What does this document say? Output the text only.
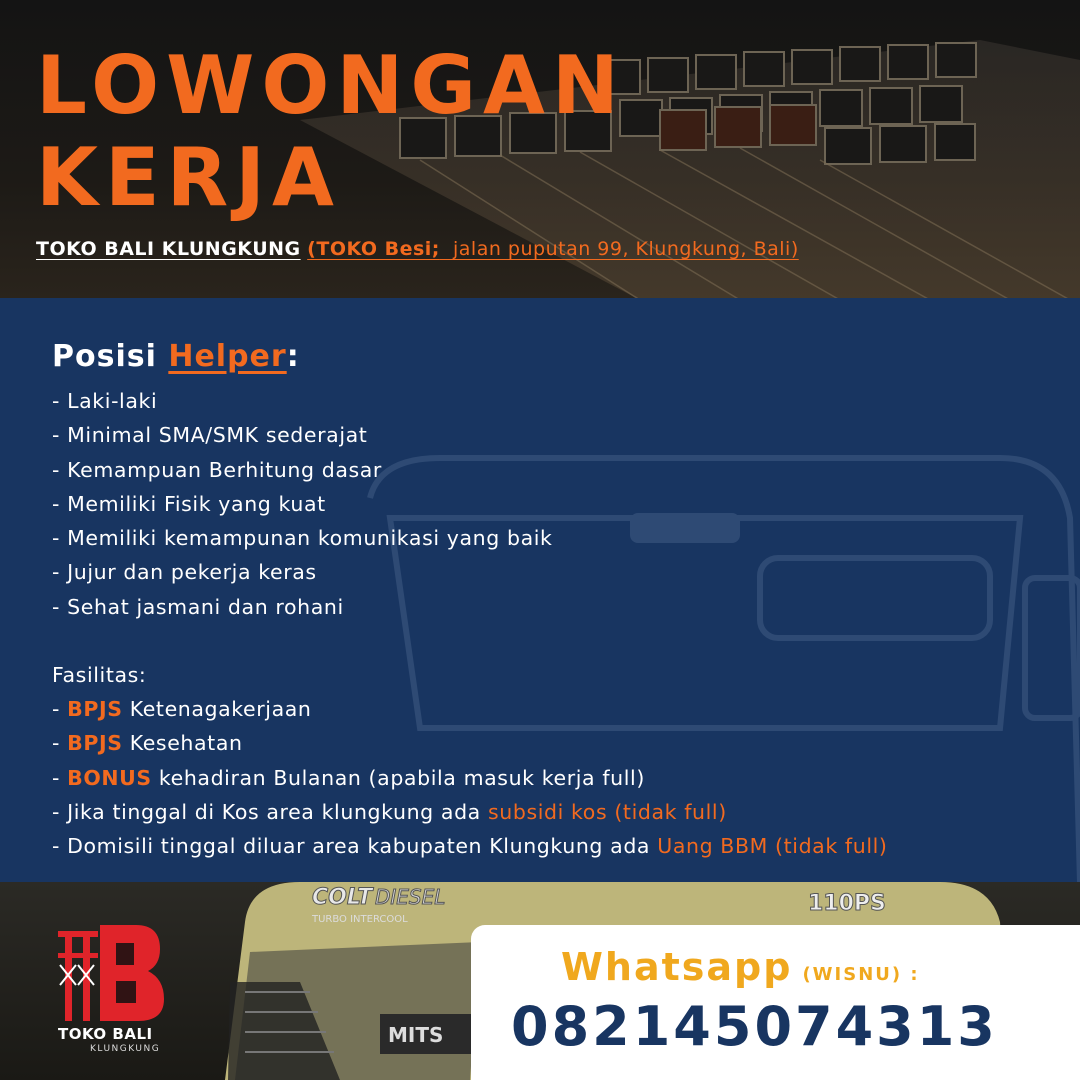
LOWONGAN
KERJA
TOKO BALI KLUNGKUNG (TOKO Besi; jalan puputan 99, Klungkung, Bali)
Posisi Helper:
- Laki-laki
- Minimal SMA/SMK sederajat
- Kemampuan Berhitung dasar
- Memiliki Fisik yang kuat
- Memiliki kemampunan komunikasi yang baik
- Jujur dan pekerja keras
- Sehat jasmani dan rohani
Fasilitas:
- BPJS Ketenagakerjaan
- BPJS Kesehatan
- BONUS kehadiran Bulanan (apabila masuk kerja full)
- Jika tinggal di Kos area klungkung ada subsidi kos (tidak full)
- Domisili tinggal diluar area kabupaten Klungkung ada Uang BBM (tidak full)
COLT DIESEL
TURBO INTERCOOL
110PS
MITS
TOKO BALI
KLUNGKUNG
Whatsapp (WISNU) :
082145074313
